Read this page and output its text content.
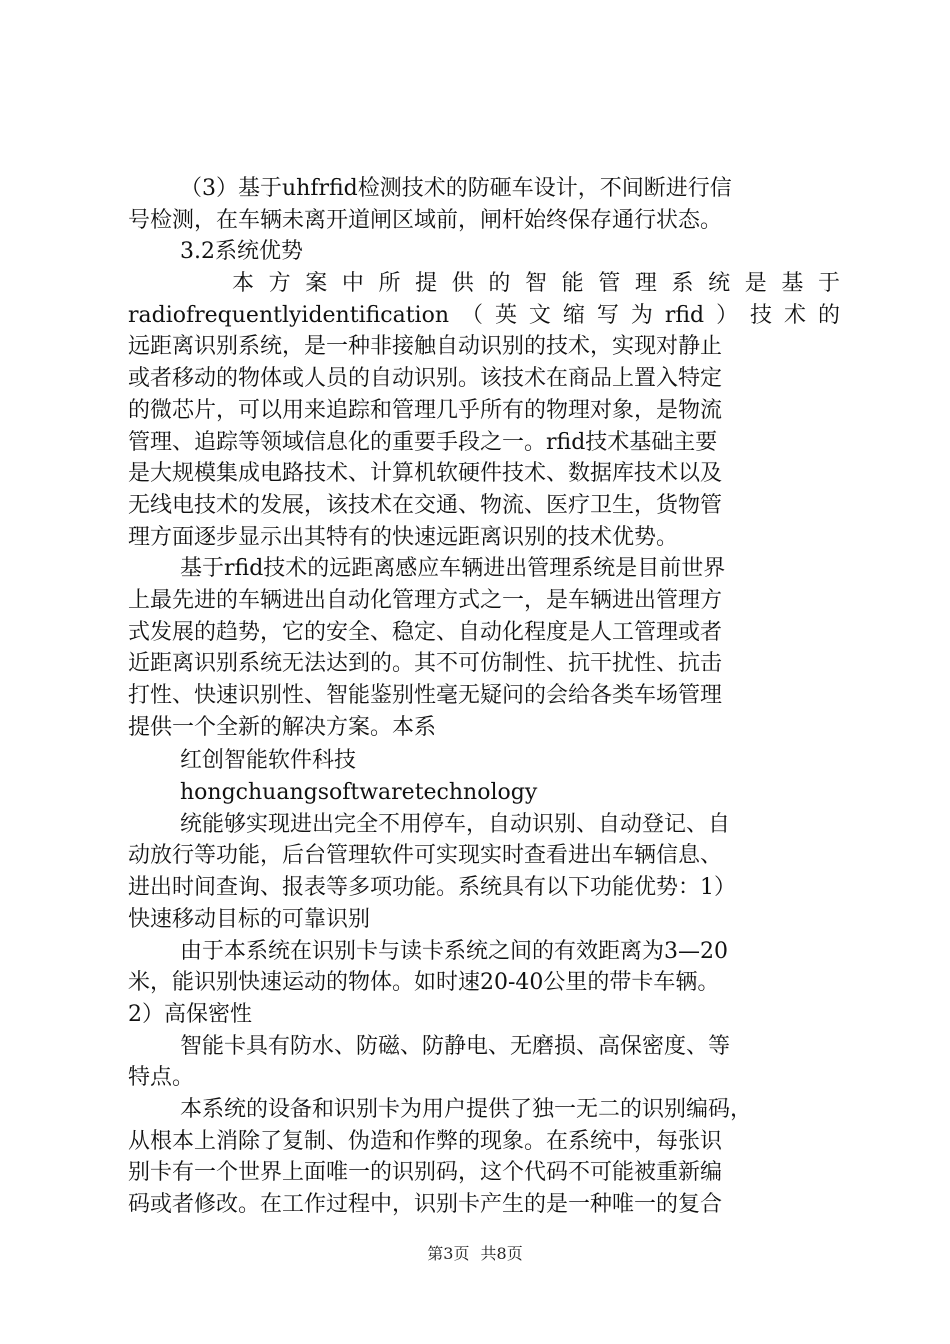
（3）基于uhfrfid检测技术的防砸车设计，不间断进行信
号检测，在车辆未离开道闸区域前，闸杆始终保存通行状态。
3.2系统优势
本方案中所提供的智能管理系统是基于
radiofrequentlyidentification（英文缩写为rfid）技术的
远距离识别系统，是一种非接触自动识别的技术，实现对静止
或者移动的物体或人员的自动识别。该技术在商品上置入特定
的微芯片，可以用来追踪和管理几乎所有的物理对象，是物流
管理、追踪等领域信息化的重要手段之一。rfid技术基础主要
是大规模集成电路技术、计算机软硬件技术、数据库技术以及
无线电技术的发展，该技术在交通、物流、医疗卫生，货物管
理方面逐步显示出其特有的快速远距离识别的技术优势。
基于rfid技术的远距离感应车辆进出管理系统是目前世界
上最先进的车辆进出自动化管理方式之一，是车辆进出管理方
式发展的趋势，它的安全、稳定、自动化程度是人工管理或者
近距离识别系统无法达到的。其不可仿制性、抗干扰性、抗击
打性、快速识别性、智能鉴别性毫无疑问的会给各类车场管理
提供一个全新的解决方案。本系
红创智能软件科技
hongchuangsoftwaretechnology
统能够实现进出完全不用停车，自动识别、自动登记、自
动放行等功能，后台管理软件可实现实时查看进出车辆信息、
进出时间查询、报表等多项功能。系统具有以下功能优势：1）
快速移动目标的可靠识别
由于本系统在识别卡与读卡系统之间的有效距离为3—20
米，能识别快速运动的物体。如时速20-40公里的带卡车辆。
2）高保密性
智能卡具有防水、防磁、防静电、无磨损、高保密度、等
特点。
本系统的设备和识别卡为用户提供了独一无二的识别编码，
从根本上消除了复制、伪造和作弊的现象。在系统中，每张识
别卡有一个世界上面唯一的识别码，这个代码不可能被重新编
码或者修改。在工作过程中，识别卡产生的是一种唯一的复合
第3页 共8页
